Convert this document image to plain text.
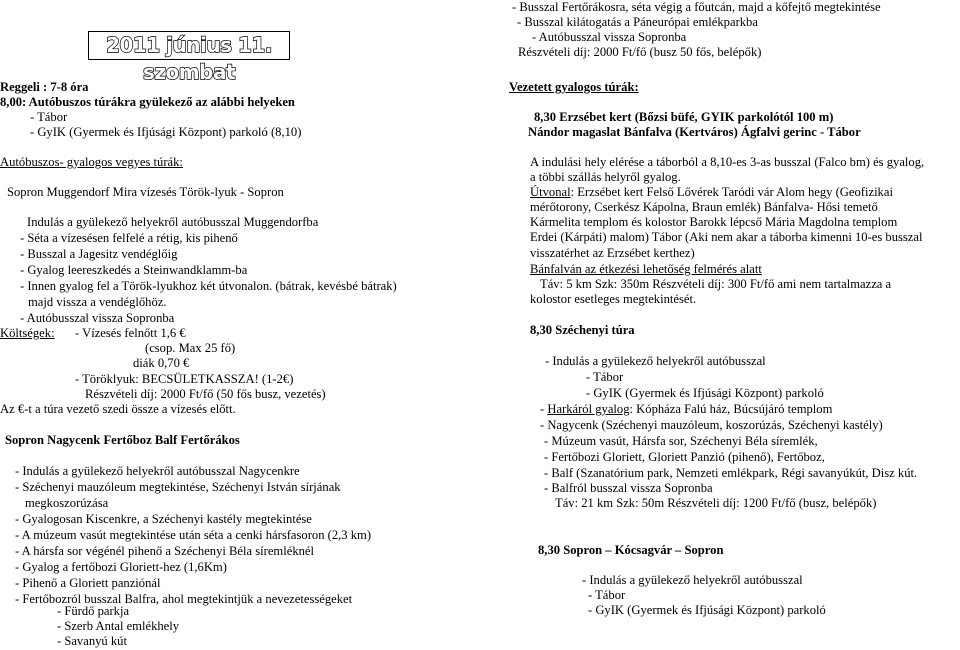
2011 június 11. szombat
Reggeli : 7-8 óra
8,00: Autóbuszos túrákra gyülekező az alábbi helyeken
- Tábor
- GyIK (Gyermek és Ifjúsági Központ) parkoló (8,10)
Autóbuszos- gyalogos vegyes túrák:
Sopron Muggendorf Mira vízesés Török-lyuk - Sopron
Indulás a gyülekező helyekről autóbusszal Muggendorfba
- Séta a vízesésen felfelé a rétig, kis pihenő
- Busszal a Jagesitz vendéglőig
- Gyalog leereszkedés a Steinwandklamm-ba
- Innen gyalog fel a Török-lyukhoz két útvonalon. (bátrak, kevésbé bátrak)
majd vissza a vendéglőhöz.
- Autóbusszal vissza Sopronba
Költségek: - Vízesés felnőtt 1,6 €
(csop. Max 25 fő)
diák 0,70 €
- Töröklyuk: BECSÜLETKASSZA! (1-2€)
Részvételi díj: 2000 Ft/fő (50 fős busz, vezetés)
Az €-t a túra vezető szedi össze a vízesés előtt.
Sopron Nagycenk Fertőboz Balf Fertőrákos
- Indulás a gyülekező helyekről autóbusszal Nagycenkre
- Széchenyi mauzóleum megtekintése, Széchenyi István sírjának
megkoszorúzása
- Gyalogosan Kiscenkre, a Széchenyi kastély megtekintése
- A múzeum vasút megtekintése után séta a cenki hársfasoron (2,3 km)
- A hársfa sor végénél pihenő a Széchenyi Béla síremléknél
- Gyalog a fertőbozi Gloriett-hez (1,6Km)
- Pihenő a Gloriett panziónál
- Fertőbozról busszal Balfra, ahol megtekintjük a nevezetességeket
- Fürdő parkja
- Szerb Antal emlékhely
- Savanyú kút
- Busszal Fertőrákosra, séta végig a főutcán, majd a kőfejtő megtekintése
- Busszal kilátogatás a Páneurópai emlékparkba
- Autóbusszal vissza Sopronba
Részvételi díj: 2000 Ft/fő (busz 50 fős, belépők)
Vezetett gyalogos túrák:
8,30 Erzsébet kert (Bőzsi büfé, GYIK parkolótól 100 m)
Nándor magaslat Bánfalva (Kertváros) Ágfalvi gerinc - Tábor
A indulási hely elérése a táborból a 8,10-es 3-as busszal (Falco bm) és gyalog,
a többi szállás helyről gyalog.
Útvonal: Erzsébet kert Felső Lővérek Taródi vár Alom hegy (Geofizikai
mérőtorony, Cserkész Kápolna, Braun emlék) Bánfalva- Hősi temető
Kármelita templom és kolostor Barokk lépcső Mária Magdolna templom
Erdei (Kárpáti) malom) Tábor (Aki nem akar a táborba kimenni 10-es busszal
visszatérhet az Erzsébet kerthez)
Bánfalván az étkezési lehetőség felmérés alatt
Táv: 5 km Szk: 350m Részvételi díj: 300 Ft/fő ami nem tartalmazza a
kolostor esetleges megtekintését.
8,30 Széchenyi túra
- Indulás a gyülekező helyekről autóbusszal
- Tábor
- GyIK (Gyermek és Ifjúsági Központ) parkoló
- Harkáról gyalog: Kópháza Falú ház, Búcsújáró templom
- Nagycenk (Széchenyi mauzóleum, koszorúzás, Széchenyi kastély)
- Múzeum vasút, Hársfa sor, Széchenyi Béla síremlék,
- Fertőbozi Gloriett, Gloriett Panzió (pihenő), Fertőboz,
- Balf (Szanatórium park, Nemzeti emlékpark, Régi savanyúkút, Disz kút.
- Balfról busszal vissza Sopronba
Táv: 21 km Szk: 50m Részvételi díj: 1200 Ft/fő (busz, belépők)
8,30 Sopron – Kócsagvár – Sopron
- Indulás a gyülekező helyekről autóbusszal
- Tábor
- GyIK (Gyermek és Ifjúsági Központ) parkoló
